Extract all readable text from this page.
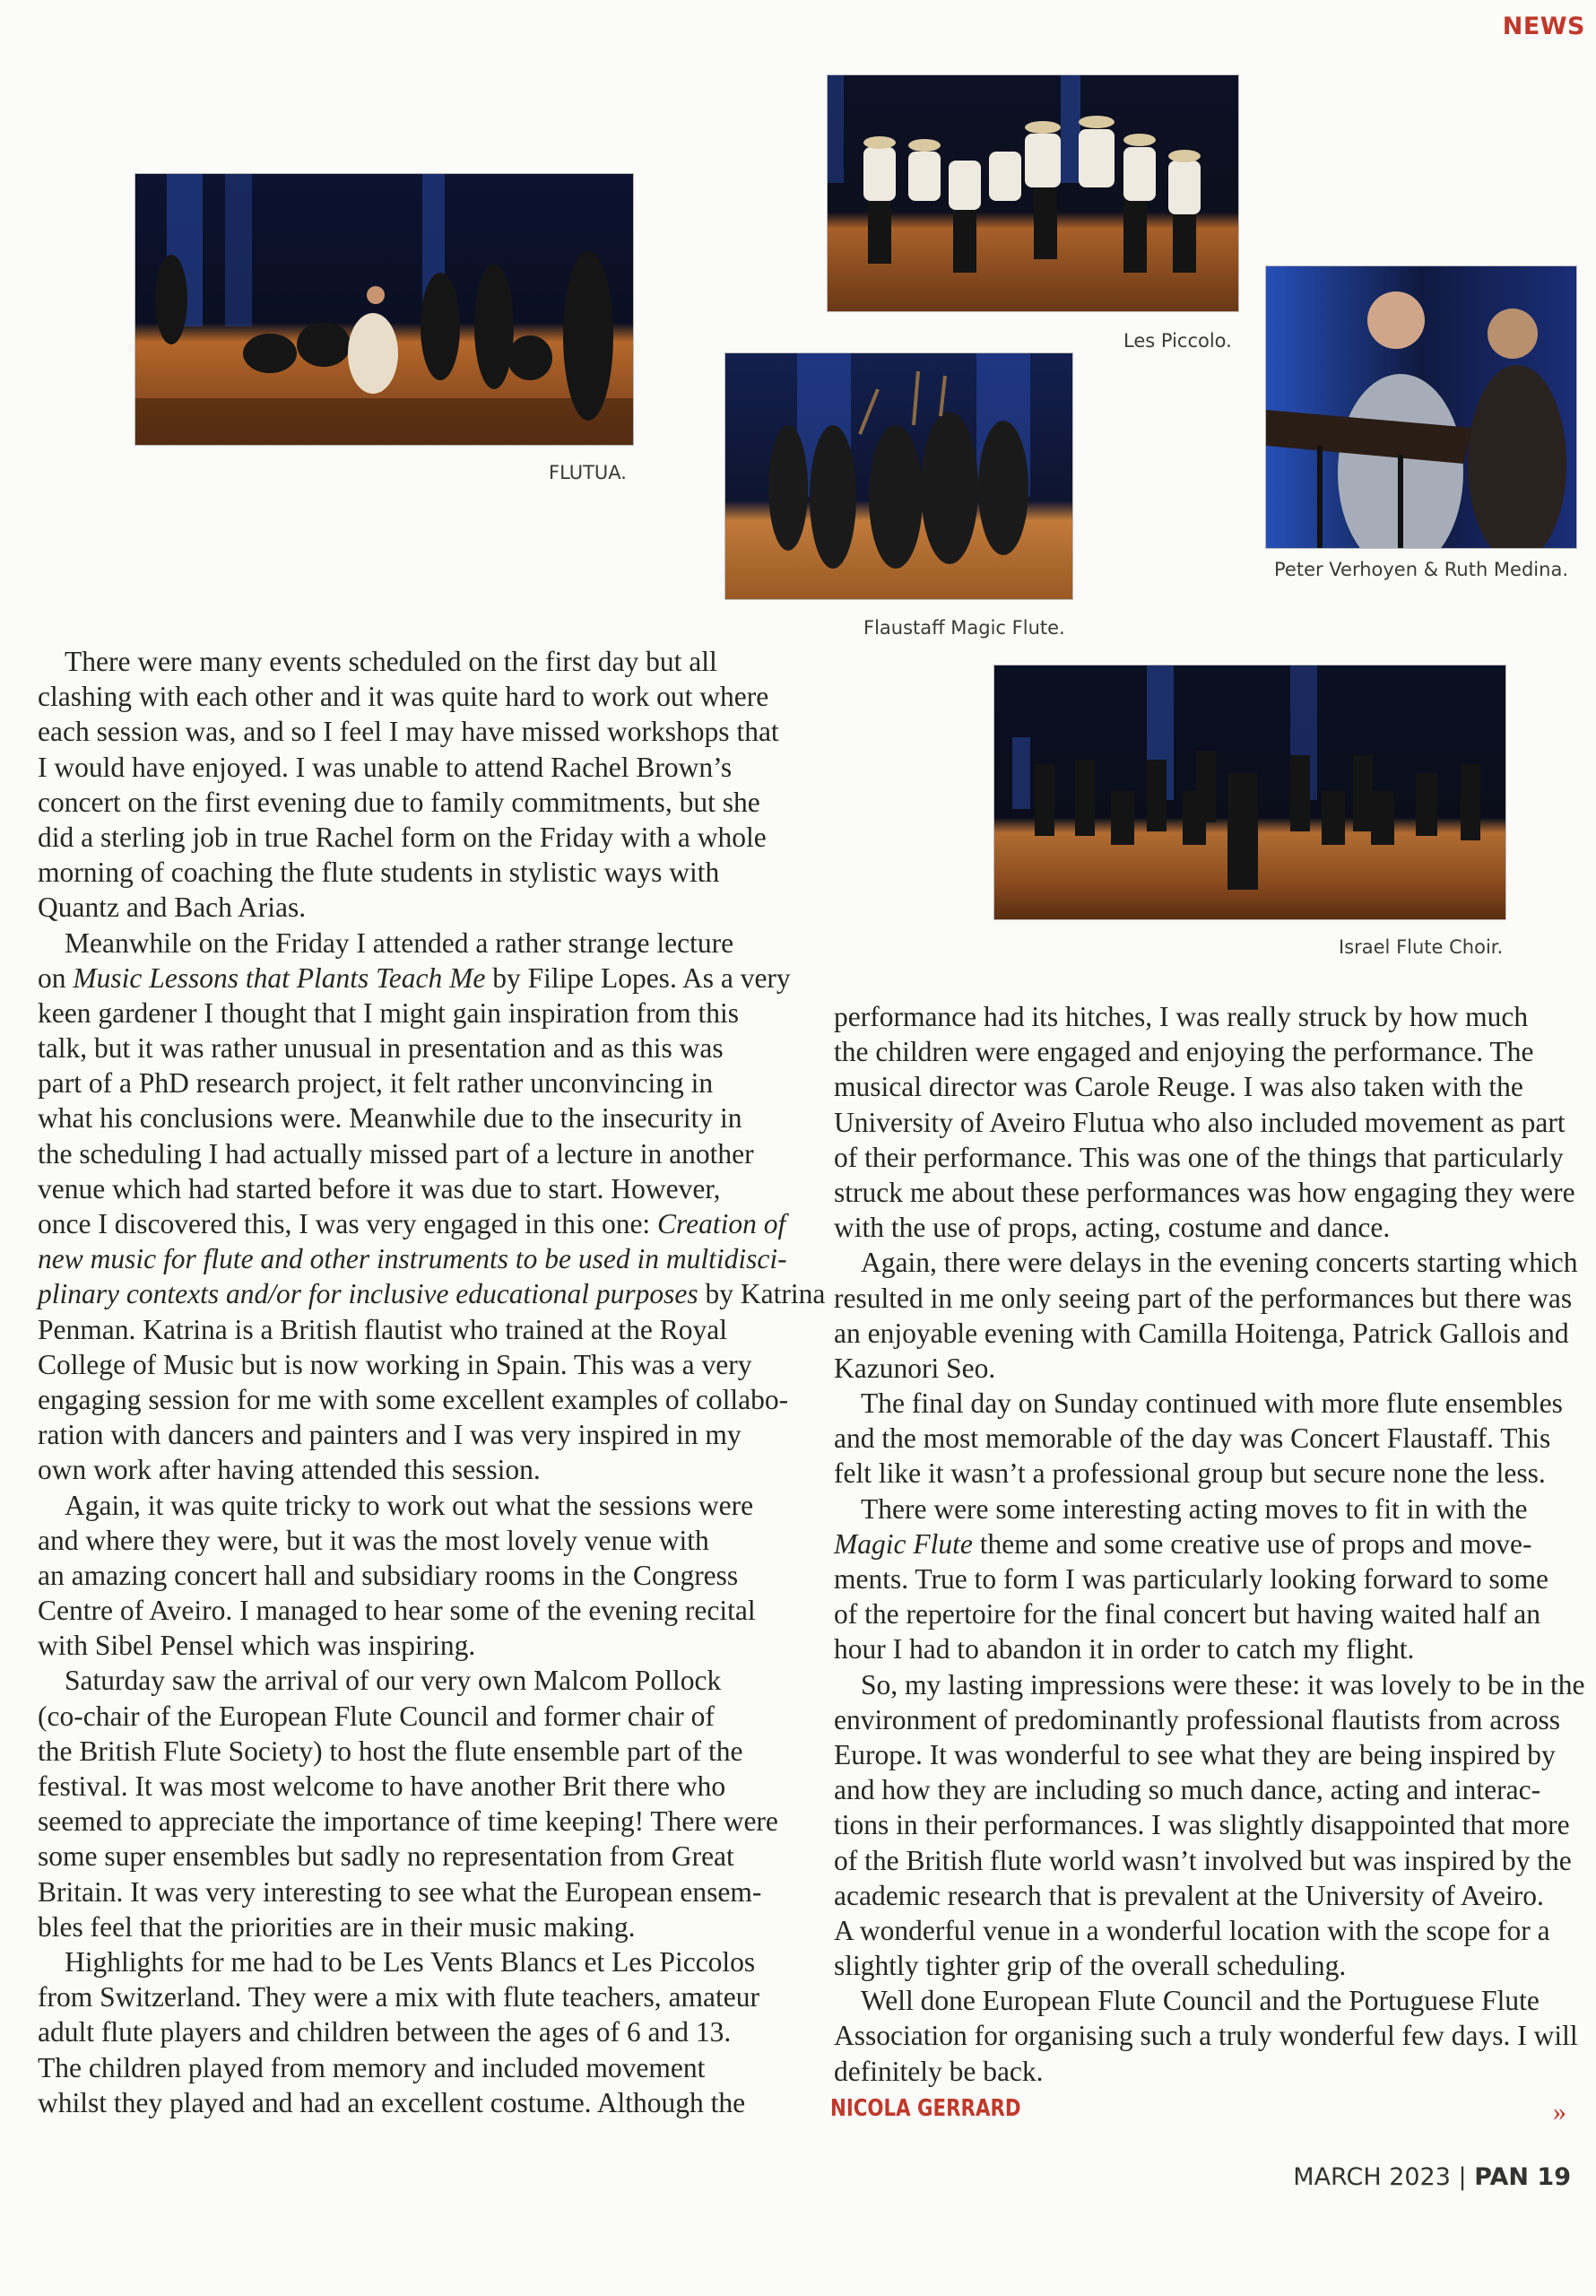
NEWS
FLUTUA.
Les Piccolo.
Flaustaff Magic Flute.
Peter Verhoyen & Ruth Medina.
Israel Flute Choir.
There were many events scheduled on the first day but all
clashing with each other and it was quite hard to work out where
each session was, and so I feel I may have missed workshops that
I would have enjoyed. I was unable to attend Rachel Brown’s
concert on the first evening due to family commitments, but she
did a sterling job in true Rachel form on the Friday with a whole
morning of coaching the flute students in stylistic ways with
Quantz and Bach Arias.
Meanwhile on the Friday I attended a rather strange lecture
on Music Lessons that Plants Teach Me by Filipe Lopes. As a very
keen gardener I thought that I might gain inspiration from this
talk, but it was rather unusual in presentation and as this was
part of a PhD research project, it felt rather unconvincing in
what his conclusions were. Meanwhile due to the insecurity in
the scheduling I had actually missed part of a lecture in another
venue which had started before it was due to start. However,
once I discovered this, I was very engaged in this one: Creation of
new music for flute and other instruments to be used in multidisci-
plinary contexts and/or for inclusive educational purposes by Katrina
Penman. Katrina is a British flautist who trained at the Royal
College of Music but is now working in Spain. This was a very
engaging session for me with some excellent examples of collabo-
ration with dancers and painters and I was very inspired in my
own work after having attended this session.
Again, it was quite tricky to work out what the sessions were
and where they were, but it was the most lovely venue with
an amazing concert hall and subsidiary rooms in the Congress
Centre of Aveiro. I managed to hear some of the evening recital
with Sibel Pensel which was inspiring.
Saturday saw the arrival of our very own Malcom Pollock
(co-chair of the European Flute Council and former chair of
the British Flute Society) to host the flute ensemble part of the
festival. It was most welcome to have another Brit there who
seemed to appreciate the importance of time keeping! There were
some super ensembles but sadly no representation from Great
Britain. It was very interesting to see what the European ensem-
bles feel that the priorities are in their music making.
Highlights for me had to be Les Vents Blancs et Les Piccolos
from Switzerland. They were a mix with flute teachers, amateur
adult flute players and children between the ages of 6 and 13.
The children played from memory and included movement
whilst they played and had an excellent costume. Although the
performance had its hitches, I was really struck by how much
the children were engaged and enjoying the performance. The
musical director was Carole Reuge. I was also taken with the
University of Aveiro Flutua who also included movement as part
of their performance. This was one of the things that particularly
struck me about these performances was how engaging they were
with the use of props, acting, costume and dance.
Again, there were delays in the evening concerts starting which
resulted in me only seeing part of the performances but there was
an enjoyable evening with Camilla Hoitenga, Patrick Gallois and
Kazunori Seo.
The final day on Sunday continued with more flute ensembles
and the most memorable of the day was Concert Flaustaff. This
felt like it wasn’t a professional group but secure none the less.
There were some interesting acting moves to fit in with the
Magic Flute theme and some creative use of props and move-
ments. True to form I was particularly looking forward to some
of the repertoire for the final concert but having waited half an
hour I had to abandon it in order to catch my flight.
So, my lasting impressions were these: it was lovely to be in the
environment of predominantly professional flautists from across
Europe. It was wonderful to see what they are being inspired by
and how they are including so much dance, acting and interac-
tions in their performances. I was slightly disappointed that more
of the British flute world wasn’t involved but was inspired by the
academic research that is prevalent at the University of Aveiro.
A wonderful venue in a wonderful location with the scope for a
slightly tighter grip of the overall scheduling.
Well done European Flute Council and the Portuguese Flute
Association for organising such a truly wonderful few days. I will
definitely be back.
NICOLA GERRARD	»
MARCH 2023 | PAN 19
